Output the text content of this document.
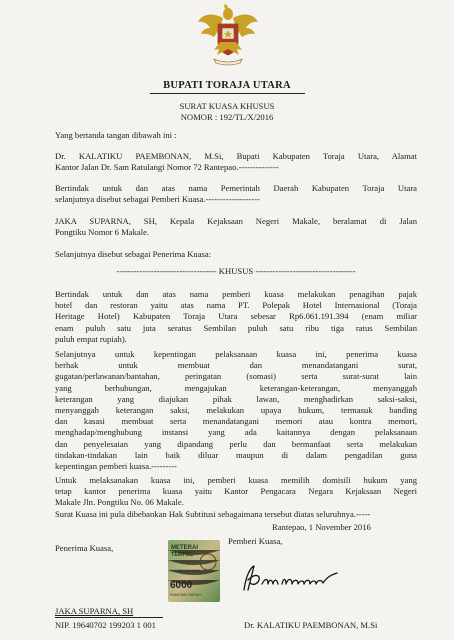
BUPATI TORAJA UTARA
SURAT KUASA KHUSUS
NOMOR : 192/TL/X/2016
Yang bertanda tangan dibawah ini :
Dr. KALATIKU PAEMBONAN, M.Si, Bupati Kabupaten Toraja Utara, Alamat
Kantor Jalan Dr. Sam Ratulangi Nomor 72 Rantepao.--------------
Bertindak untuk dan atas nama Pemerintah Daerah Kabupaten Toraja Utara
selanjutnya disebut sebagai Pemberi Kuasa.-------------------
JAKA SUPARNA, SH, Kepala Kejaksaan Negeri Makale, beralamat di Jalan
Pongtiku Nomor 6 Makale.
Selanjutnya disebut sebagai Penerima Kuasa:
----------------------------------- KHUSUS -----------------------------------
Bertindak untuk dan atas nama pemberi kuasa melakukan penagihan pajak
hotel dan restoran yaitu atas nama PT. Polepak Hotel Internasional (Toraja
Heritage Hotel) Kabupaten Toraja Utara sebesar Rp6.061.191.394 (enam miliar
enam puluh satu juta seratus Sembilan puluh satu ribu tiga ratus Sembilan
puluh empat rupiah).
Selanjutnya untuk kepentingan pelaksanaan kuasa ini, penerima kuasa
berhak untuk membuat dan menandatangani surat,
gugatan/perlawanan/bantahan, peringatan (somasi) serta surat-surat lain
yang berhubungan, mengajukan keterangan-keterangan, menyanggah
keterangan yang diajukan pihak lawan, menghadirkan saksi-saksi,
menyanggah keterangan saksi, melakukan upaya hukum, termasuk banding
dan kasasi membuat serta menandatangani memori atau kontra memori,
menghadap/menghubung instansi yang ada kaitannya dengan pelaksanaan
dan penyelesaian yang dipandang perlu dan bermanfaat serta melakukan
tindakan-tindakan lain baik diluar maupun di dalam pengadilan guna
kepentingan pemberi kuasa.---------
Untuk melaksanakan kuasa ini, pemberi kuasa memilih domisili hukum yang
tetap kantor penerima kuasa yaitu Kantor Pengacara Negara Kejaksaan Negeri
Makale Jln. Pongtiku No. 06 Makale.
Surat Kuasa ini pula dibebankan Hak Subtitusi sebagaimana tersebut diatas seluruhnya.-----
Rantepao, 1 November 2016
Penerima Kuasa,
Pemberi Kuasa,
METERAI
TEMPEL
F14AEF008600S2
6000
ENAM RIBU RUPIAH
JAKA SUPARNA, SH
NIP. 19640702 199203 1 001	Dr. KALATIKU PAEMBONAN, M.Si
